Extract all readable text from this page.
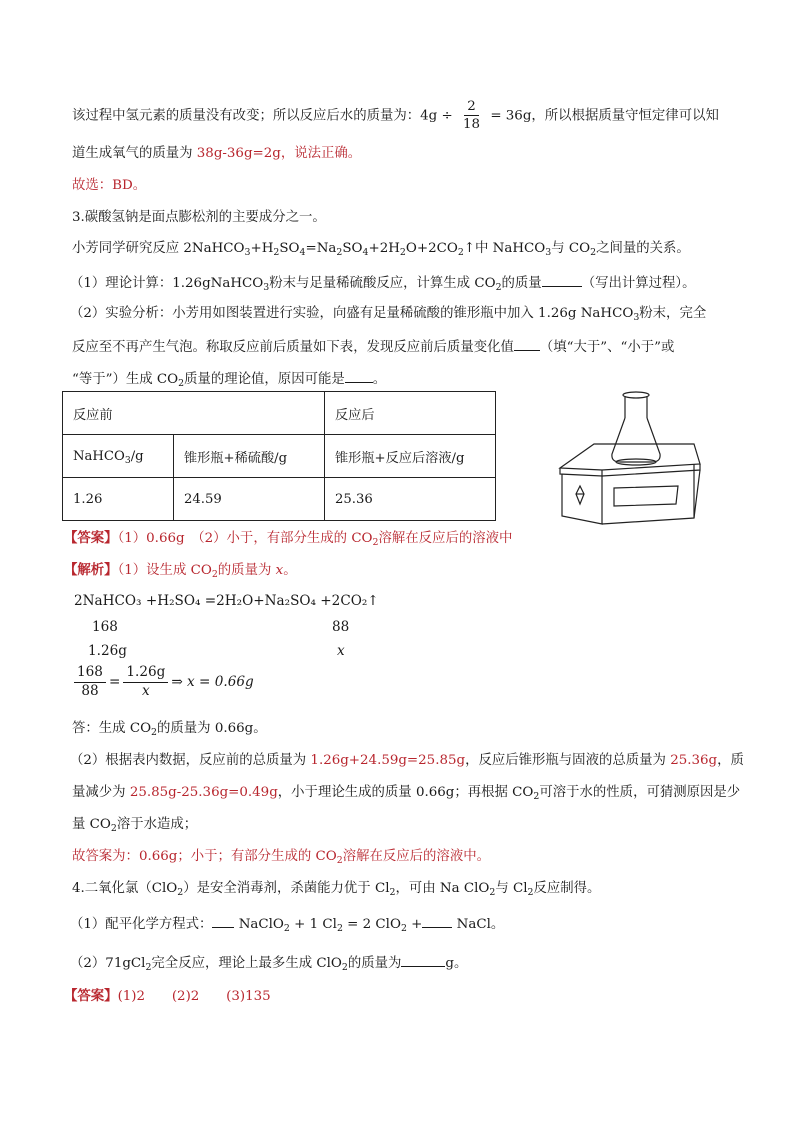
该过程中氢元素的质量没有改变；所以反应后水的质量为：$4g \div \frac{2}{18} = 36g$，所以根据质量守恒定律可以知
道生成氧气的质量为 38g-36g=2g，说法正确。
故选：BD。
3.碳酸氢钠是面点膨松剂的主要成分之一。
小芳同学研究反应 $2NaHCO_3+H_2SO_4=Na_2SO_4+2H_2O+2CO_2↑$中 NaHCO$_3$与 $CO_2$之间量的关系。
（1）理论计算：1.26gNaHCO$_3$粉末与足量稀硫酸反应，计算生成 $CO_2$的质量	（写出计算过程）。
（2）实验分析：小芳用如图装置进行实验，向盛有足量稀硫酸的锥形瓶中加入 1.26g NaHCO$_3$粉末，完全
反应至不再产生气泡。称取反应前后质量如下表，发现反应前后质量变化值 （填“大于”、“小于”或
“等于”）生成 $CO_2$质量的理论值，原因可能是 。
反应前		反应后
NaHCO$_3$/g	锥形瓶+稀硫酸/g	锥形瓶+反应后溶液/g
1.26	24.59	25.36
【答案】（1）0.66g　（2）小于，有部分生成的 $CO_2$溶解在反应后的溶液中
【解析】（1）设生成 $CO_2$的质量为 x。
2NaHCO₃ +H₂SO₄ =2H₂O+Na₂SO₄ +2CO₂↑
168	88
1.26g	x
$\frac{168}{88} = \frac{1.26g}{x}$ ⇒ x = 0.66g
答：生成 $CO_2$的质量为 0.66g。
（2）根据表内数据，反应前的总质量为 1.26g+24.59g=25.85g，反应后锥形瓶与固液的总质量为 25.36g，质
量减少为 25.85g-25.36g=0.49g，小于理论生成的质量 0.66g；再根据 $CO_2$可溶于水的性质，可猜测原因是少
量 $CO_2$溶于水造成；
故答案为：0.66g；小于；有部分生成的 $CO_2$溶解在反应后的溶液中。
4.二氧化氯（ClO$_2$）是安全消毒剂，杀菌能力优于 $Cl_2$，可由 Na ClO$_2$与 $Cl_2$反应制得。
（1）配平化学方程式： NaClO$_2$ + 1 $Cl_2 = 2$ ClO$_2$ +	NaCl。
（2）71gCl$_2$完全反应，理论上最多生成 ClO$_2$的质量为	g。
【答案】(1)2　　(2)2　　(3)135
